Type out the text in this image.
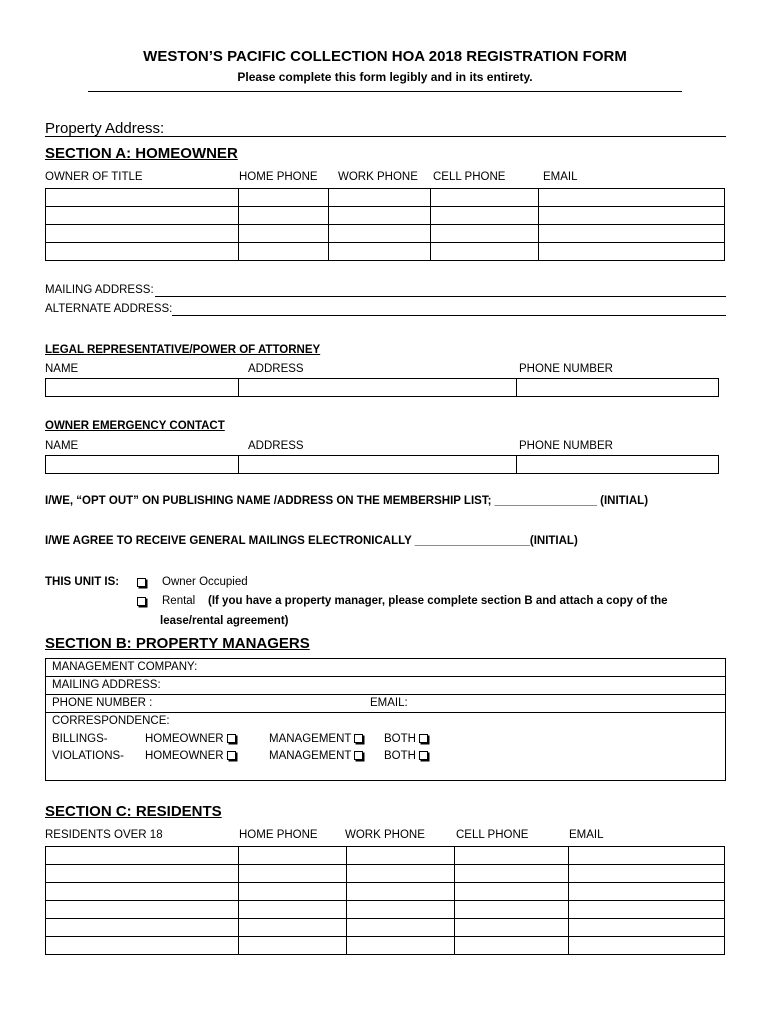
WESTON’S PACIFIC COLLECTION HOA 2018 REGISTRATION FORM
Please complete this form legibly and in its entirety.
Property Address:
SECTION A: HOMEOWNER
OWNER OF TITLE	HOME PHONE WORK PHONE CELL PHONE	EMAIL

MAILING ADDRESS:
ALTERNATE ADDRESS:
LEGAL REPRESENTATIVE/POWER OF ATTORNEY
NAME	ADDRESS	PHONE NUMBER

OWNER EMERGENCY CONTACT
NAME	ADDRESS	PHONE NUMBER

I/WE, “OPT OUT” ON PUBLISHING NAME /ADDRESS ON THE MEMBERSHIP LIST; ________________ (INITIAL)
I/WE AGREE TO RECEIVE GENERAL MAILINGS ELECTRONICALLY __________________(INITIAL)
THIS UNIT IS:	Owner Occupied
Rental (If you have a property manager, please complete section B and attach a copy of the
lease/rental agreement)
SECTION B: PROPERTY MANAGERS
MANAGEMENT COMPANY:
MAILING ADDRESS:
PHONE NUMBER :	EMAIL:
CORRESPONDENCE:
BILLINGS-	HOMEOWNER	MANAGEMENT	BOTH
VIOLATIONS- HOMEOWNER	MANAGEMENT	BOTH
SECTION C: RESIDENTS
RESIDENTS OVER 18	HOME PHONE WORK PHONE	CELL PHONE	EMAIL
